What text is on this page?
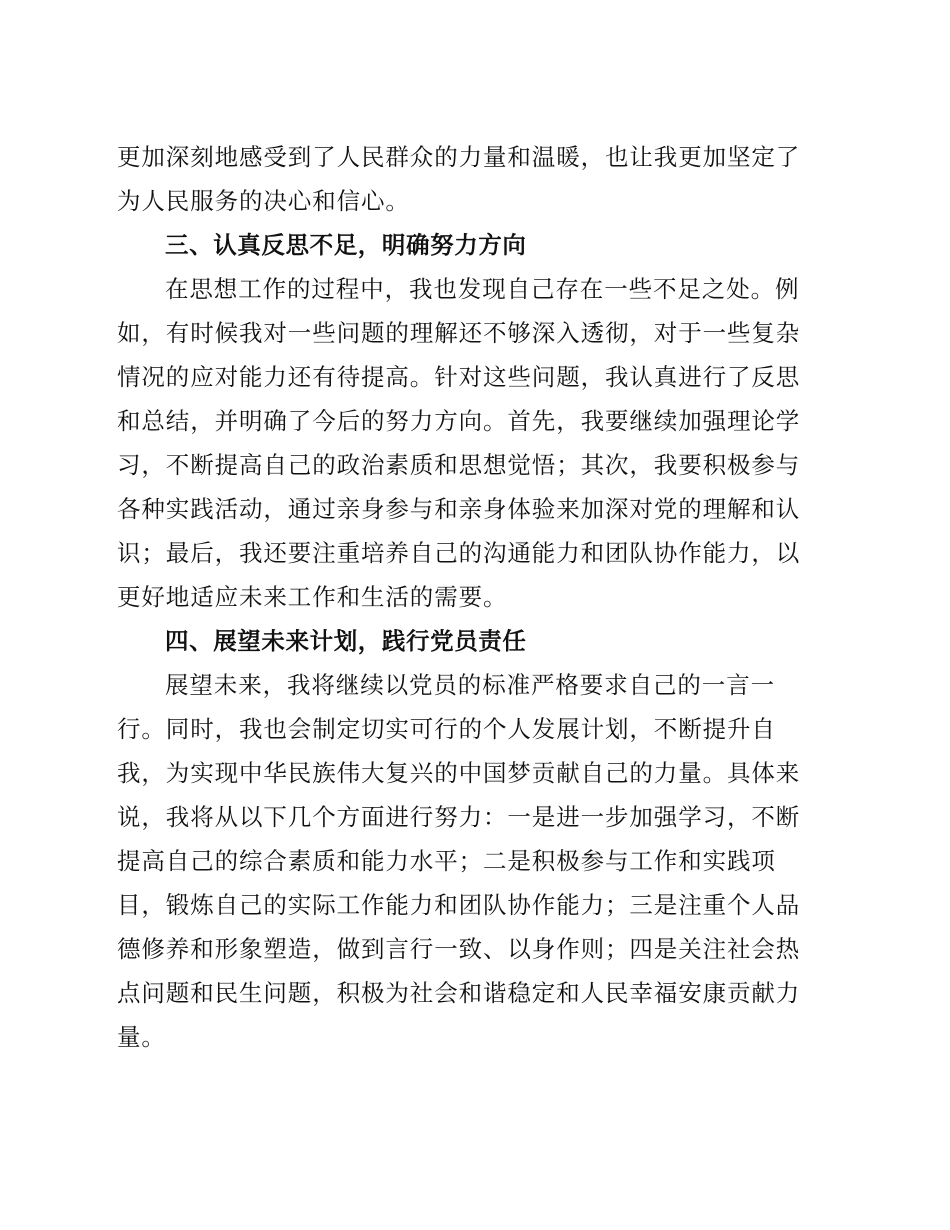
更加深刻地感受到了人民群众的力量和温暖，也让我更加坚定了

为人民服务的决心和信心。

三、认真反思不足，明确努力方向

在思想工作的过程中，我也发现自己存在一些不足之处。例

如，有时候我对一些问题的理解还不够深入透彻，对于一些复杂

情况的应对能力还有待提高。针对这些问题，我认真进行了反思

和总结，并明确了今后的努力方向。首先，我要继续加强理论学

习，不断提高自己的政治素质和思想觉悟；其次，我要积极参与

各种实践活动，通过亲身参与和亲身体验来加深对党的理解和认

识；最后，我还要注重培养自己的沟通能力和团队协作能力，以

更好地适应未来工作和生活的需要。

四、展望未来计划，践行党员责任

展望未来，我将继续以党员的标准严格要求自己的一言一

行。同时，我也会制定切实可行的个人发展计划，不断提升自

我，为实现中华民族伟大复兴的中国梦贡献自己的力量。具体来

说，我将从以下几个方面进行努力：一是进一步加强学习，不断

提高自己的综合素质和能力水平；二是积极参与工作和实践项

目，锻炼自己的实际工作能力和团队协作能力；三是注重个人品

德修养和形象塑造，做到言行一致、以身作则；四是关注社会热

点问题和民生问题，积极为社会和谐稳定和人民幸福安康贡献力

量。
